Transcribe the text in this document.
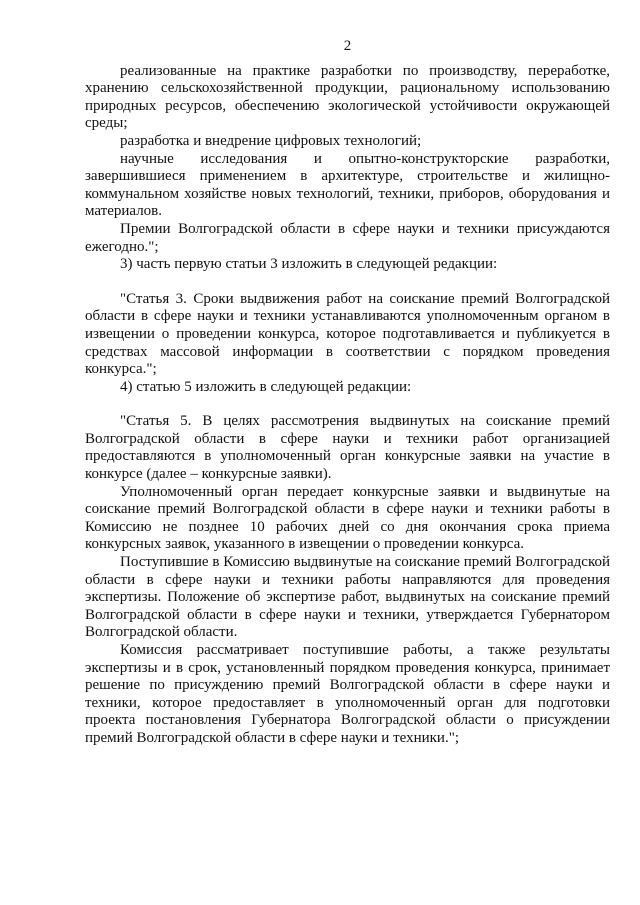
2

реализованные на практике разработки по производству, переработке, хранению сельскохозяйственной продукции, рациональному использованию природных ресурсов, обеспечению экологической устойчивости окружающей среды;

разработка и внедрение цифровых технологий;

научные исследования и опытно-конструкторские разработки, завершившиеся применением в архитектуре, строительстве и жилищно-коммунальном хозяйстве новых технологий, техники, приборов, оборудования и материалов.

Премии Волгоградской области в сфере науки и техники присуждаются ежегодно.";

3) часть первую статьи 3 изложить в следующей редакции:

"Статья 3. Сроки выдвижения работ на соискание премий Волгоградской области в сфере науки и техники устанавливаются уполномоченным органом в извещении о проведении конкурса, которое подготавливается и публикуется в средствах массовой информации в соответствии с порядком проведения конкурса.";

4) статью 5 изложить в следующей редакции:

"Статья 5. В целях рассмотрения выдвинутых на соискание премий Волгоградской области в сфере науки и техники работ организацией предоставляются в уполномоченный орган конкурсные заявки на участие в конкурсе (далее – конкурсные заявки).

Уполномоченный орган передает конкурсные заявки и выдвинутые на соискание премий Волгоградской области в сфере науки и техники работы в Комиссию не позднее 10 рабочих дней со дня окончания срока приема конкурсных заявок, указанного в извещении о проведении конкурса.

Поступившие в Комиссию выдвинутые на соискание премий Волгоградской области в сфере науки и техники работы направляются для проведения экспертизы. Положение об экспертизе работ, выдвинутых на соискание премий Волгоградской области в сфере науки и техники, утверждается Губернатором Волгоградской области.

Комиссия рассматривает поступившие работы, а также результаты экспертизы и в срок, установленный порядком проведения конкурса, принимает решение по присуждению премий Волгоградской области в сфере науки и техники, которое предоставляет в уполномоченный орган для подготовки проекта постановления Губернатора Волгоградской области о присуждении премий Волгоградской области в сфере науки и техники.";
